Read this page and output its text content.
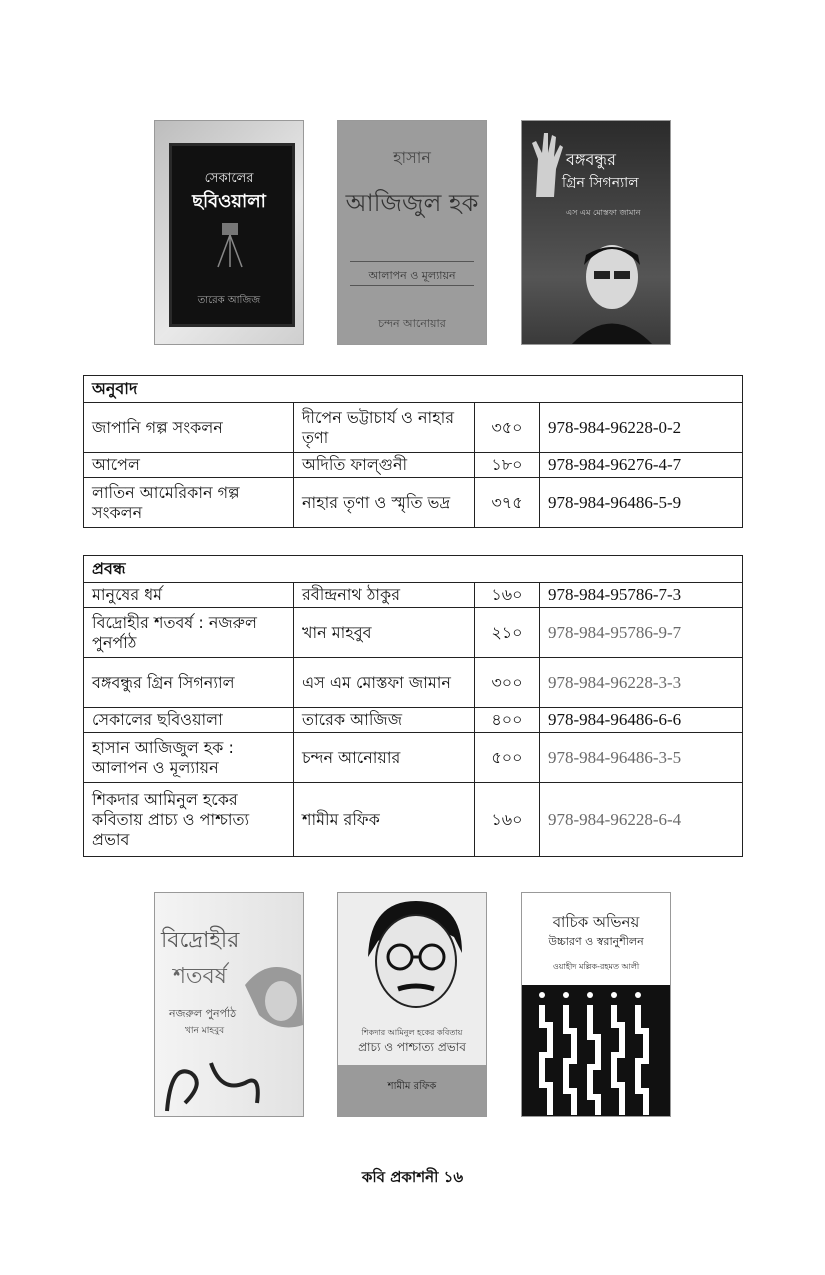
সেকালের
ছবিওয়ালা
তারেক আজিজ
হাসান
আজিজুল হক
আলাপন ও মূল্যায়ন
চন্দন আনোয়ার
বঙ্গবন্ধুর
গ্রিন সিগন্যাল
এস এম মোস্তফা জামান
অনুবাদ			
জাপানি গল্প সংকলন	দীপেন ভট্টাচার্য ও নাহার তৃণা	৩৫০	978-984-96228-0-2
আপেল	অদিতি ফাল্গুনী	১৮০	978-984-96276-4-7
লাতিন আমেরিকান গল্প সংকলন	নাহার তৃণা ও স্মৃতি ভদ্র	৩৭৫	978-984-96486-5-9
প্রবন্ধ			
মানুষের ধর্ম	রবীন্দ্রনাথ ঠাকুর	১৬০	978-984-95786-7-3
বিদ্রোহীর শতবর্ষ : নজরুল পুনর্পাঠ	খান মাহবুব	২১০	978-984-95786-9-7
বঙ্গবন্ধুর গ্রিন সিগন্যাল	এস এম মোস্তফা জামান	৩০০	978-984-96228-3-3
সেকালের ছবিওয়ালা	তারেক আজিজ	৪০০	978-984-96486-6-6
হাসান আজিজুল হক : আলাপন ও মূল্যায়ন	চন্দন আনোয়ার	৫০০	978-984-96486-3-5
শিকদার আমিনুল হকের কবিতায় প্রাচ্য ও পাশ্চাত্য প্রভাব	শামীম রফিক	১৬০	978-984-96228-6-4
বিদ্রোহীর
শতবর্ষ
নজরুল পুনর্পাঠ
খান মাহবুব	শিকদার আমিনুল হকের কবিতায়
প্রাচ্য ও পাশ্চাত্য প্রভাব
শামীম রফিক
বাচিক অভিনয়
উচ্চারণ ও স্বরানুশীলন
ওয়াহীদ মল্লিক-রহমত আলী
কবি প্রকাশনী ১৬
